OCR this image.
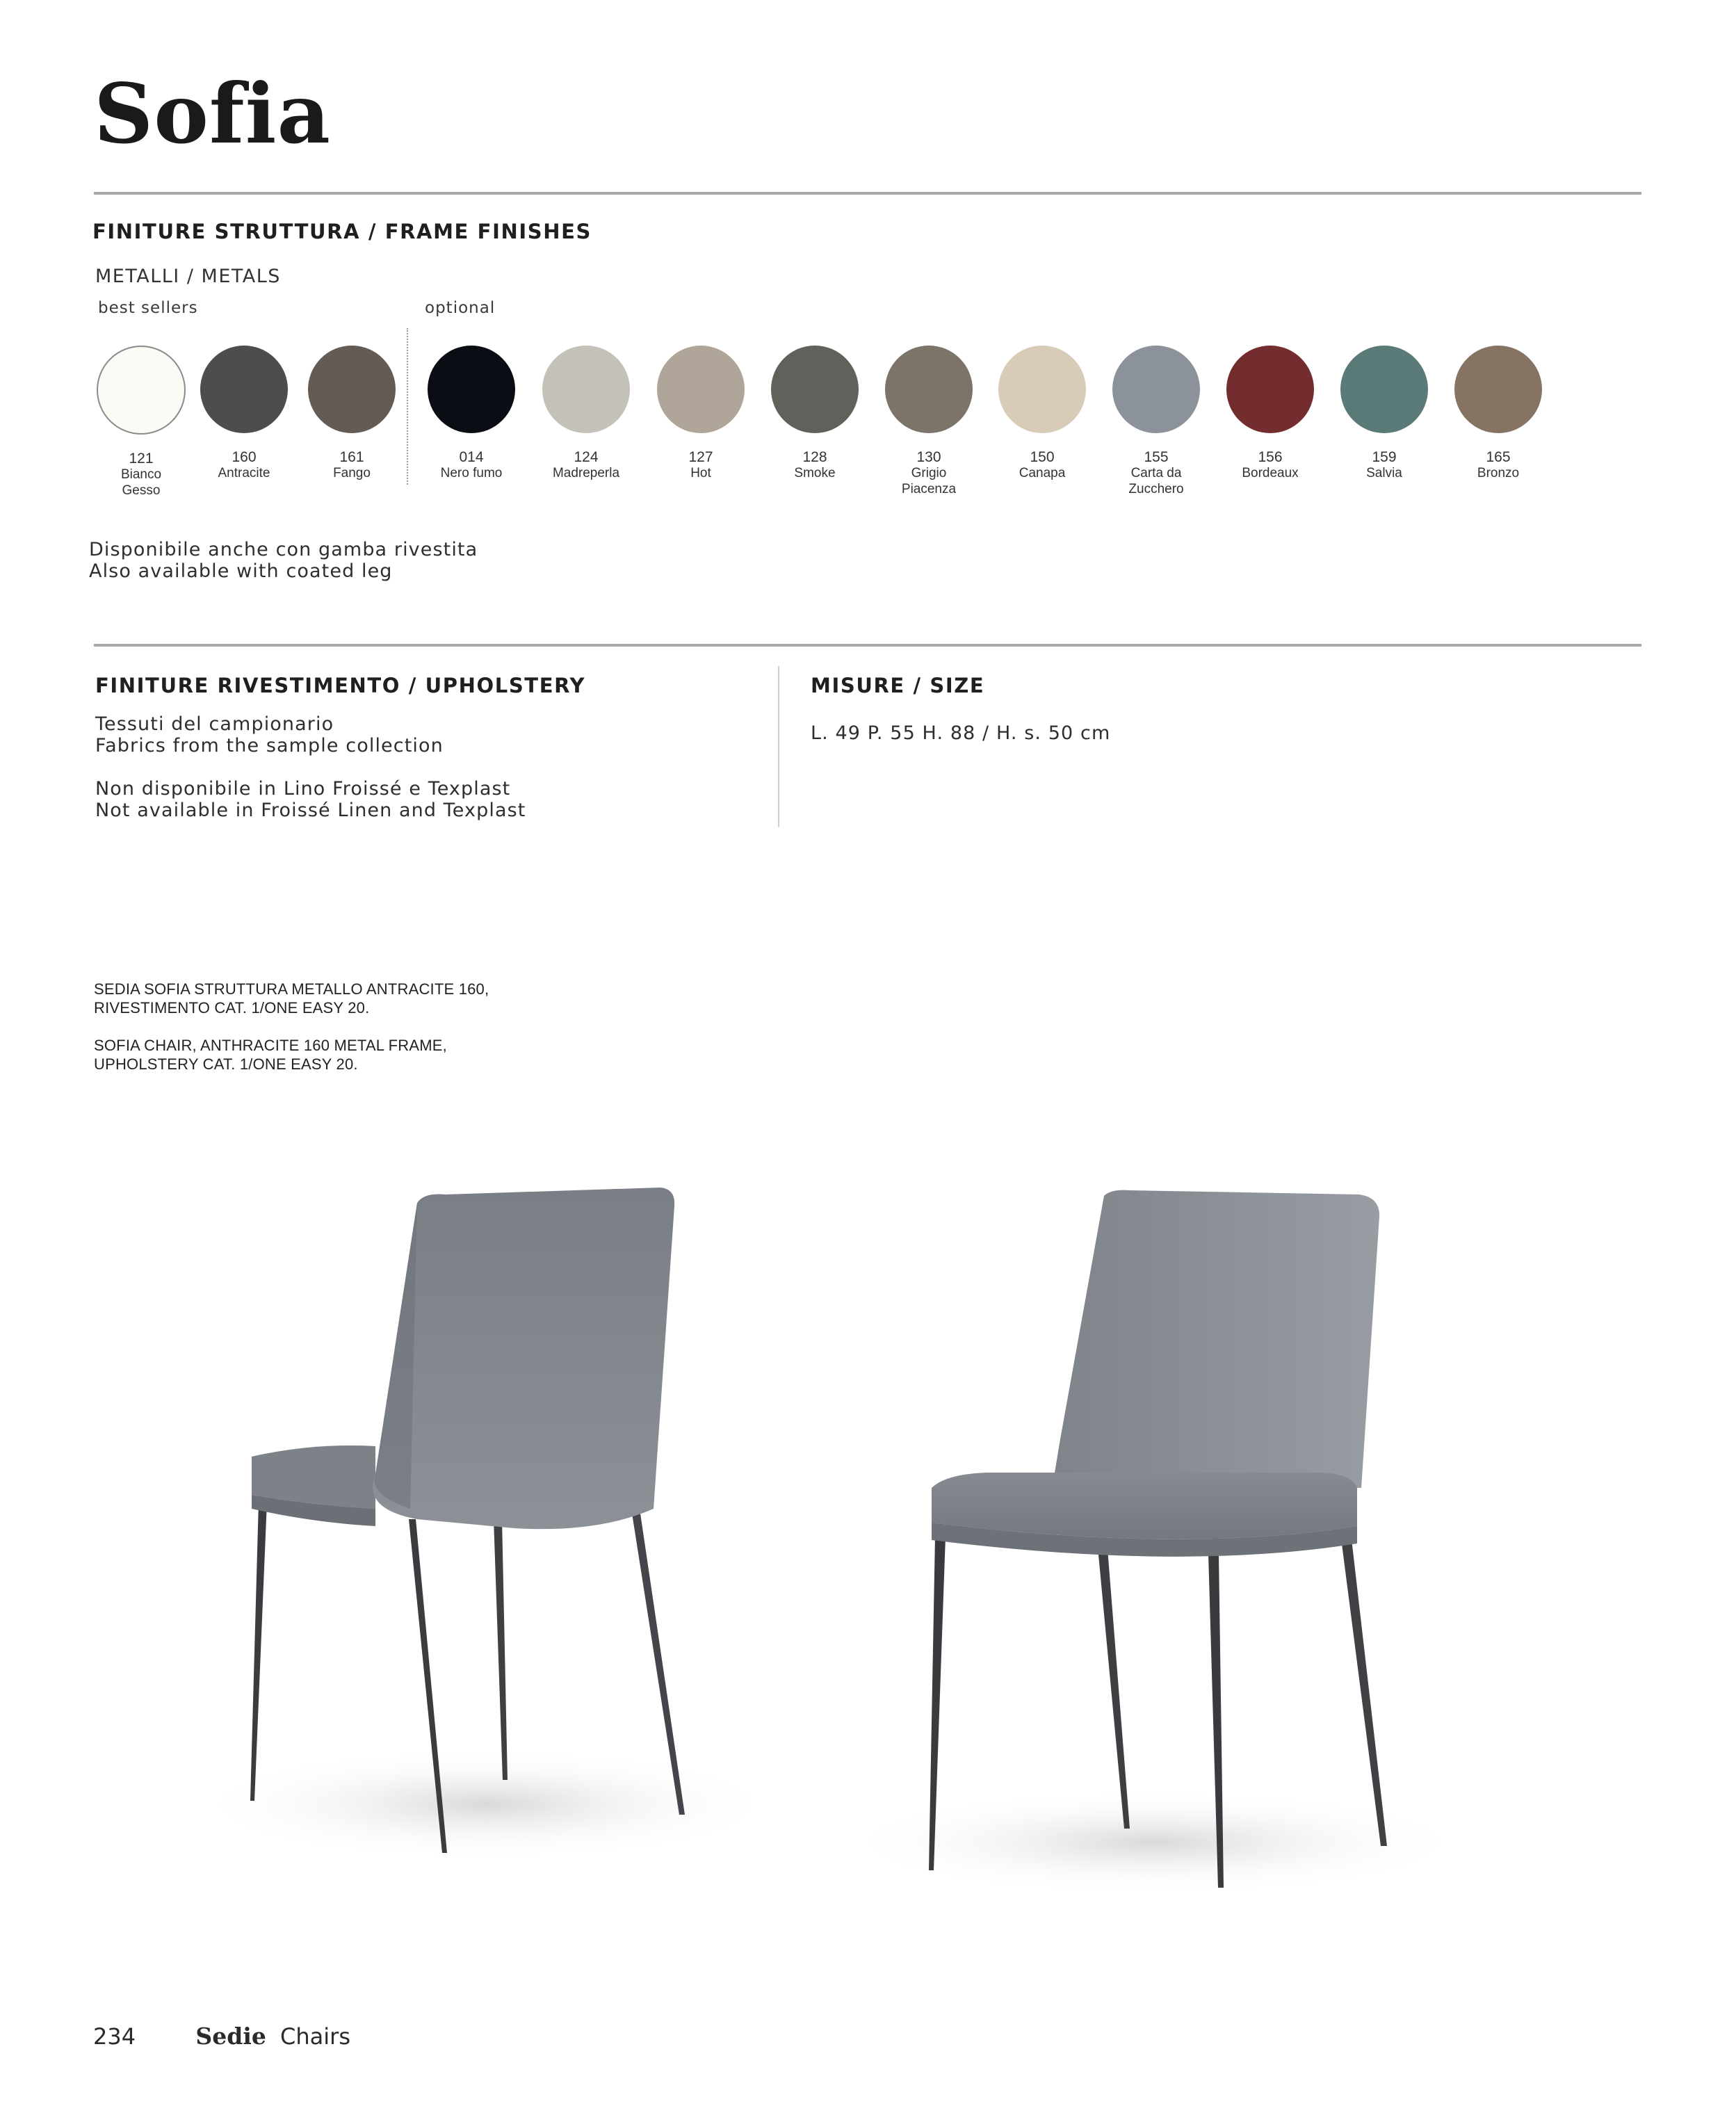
Sofia
FINITURE STRUTTURA / FRAME FINISHES
METALLI / METALS
best sellers	optional
121
Bianco
Gesso
160
Antracite
161
Fango
014
Nero fumo
124
Madreperla
127
Hot
128
Smoke
130
Grigio
Piacenza
150
Canapa
155
Carta da
Zucchero
156
Bordeaux
159
Salvia
165
Bronzo
Disponibile anche con gamba rivestita
Also available with coated leg
FINITURE RIVESTIMENTO / UPHOLSTERY
Tessuti del campionario
Fabrics from the sample collection
Non disponibile in Lino Froissé e Texplast
Not available in Froissé Linen and Texplast
MISURE / SIZE
L. 49 P. 55 H. 88 / H. s. 50 cm
SEDIA SOFIA STRUTTURA METALLO ANTRACITE 160,
RIVESTIMENTO CAT. 1/ONE EASY 20.
SOFIA CHAIR, ANTHRACITE 160 METAL FRAME,
UPHOLSTERY CAT. 1/ONE EASY 20.
234	Sedie Chairs
